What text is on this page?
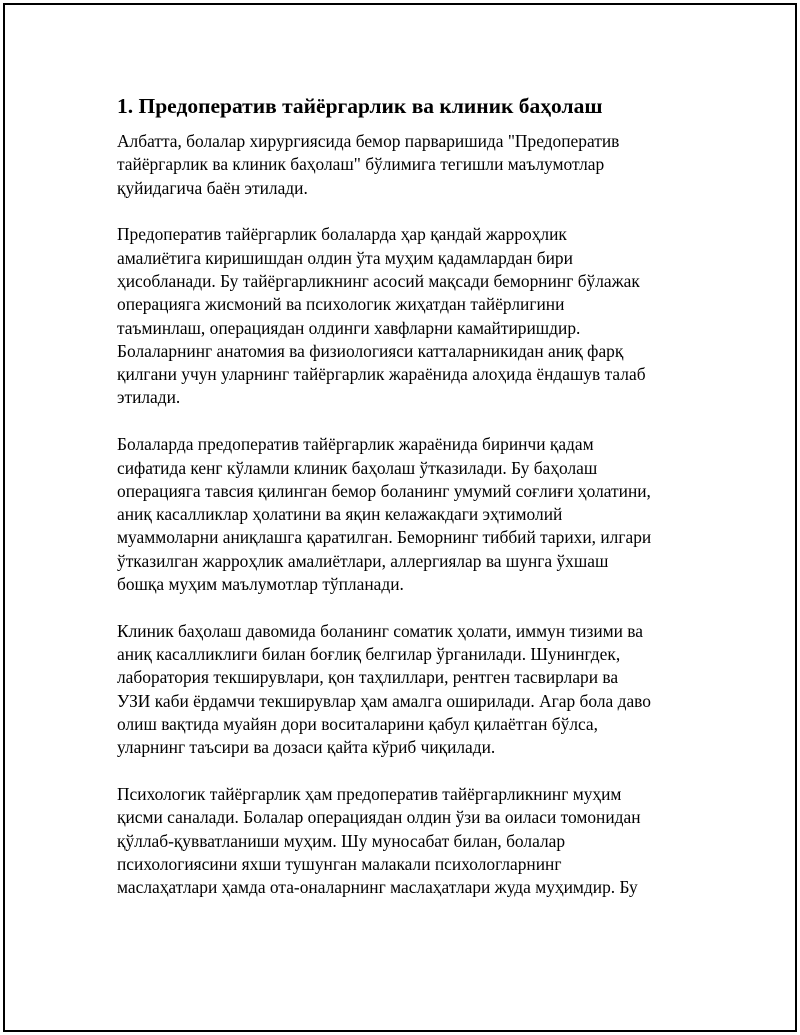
1. Предоператив тайёргарлик ва клиник баҳолаш

Албатта, болалар хирургиясида бемор парваришида "Предоператив
тайёргарлик ва клиник баҳолаш" бўлимига тегишли маълумотлар
қуйидагича баён этилади.

Предоператив тайёргарлик болаларда ҳар қандай жарроҳлик
амалиётига киришишдан олдин ўта муҳим қадамлардан бири
ҳисобланади. Бу тайёргарликнинг асосий мақсади беморнинг бўлажак
операцияга жисмоний ва психологик жиҳатдан тайёрлигини
таъминлаш, операциядан олдинги хавфларни камайтиришдир.
Болаларнинг анатомия ва физиологияси катталарникидан аниқ фарқ
қилгани учун уларнинг тайёргарлик жараёнида алоҳида ёндашув талаб
этилади.

Болаларда предоператив тайёргарлик жараёнида биринчи қадам
сифатида кенг кўламли клиник баҳолаш ўтказилади. Бу баҳолаш
операцияга тавсия қилинган бемор боланинг умумий соғлиғи ҳолатини,
аниқ касалликлар ҳолатини ва яқин келажакдаги эҳтимолий
муаммоларни аниқлашга қаратилган. Беморнинг тиббий тарихи, илгари
ўтказилган жарроҳлик амалиётлари, аллергиялар ва шунга ўхшаш
бошқа муҳим маълумотлар тўпланади.

Клиник баҳолаш давомида боланинг соматик ҳолати, иммун тизими ва
аниқ касалликлиги билан боғлиқ белгилар ўрганилади. Шунингдек,
лаборатория текширувлари, қон таҳлиллари, рентген тасвирлари ва
УЗИ каби ёрдамчи текширувлар ҳам амалга оширилади. Агар бола даво
олиш вақтида муайян дори воситаларини қабул қилаётган бўлса,
уларнинг таъсири ва дозаси қайта кўриб чиқилади.

Психологик тайёргарлик ҳам предоператив тайёргарликнинг муҳим
қисми саналади. Болалар операциядан олдин ўзи ва оиласи томонидан
қўллаб-қувватланиши муҳим. Шу муносабат билан, болалар
психологиясини яхши тушунган малакали психологларнинг
маслаҳатлари ҳамда ота-оналарнинг маслаҳатлари жуда муҳимдир. Бу
